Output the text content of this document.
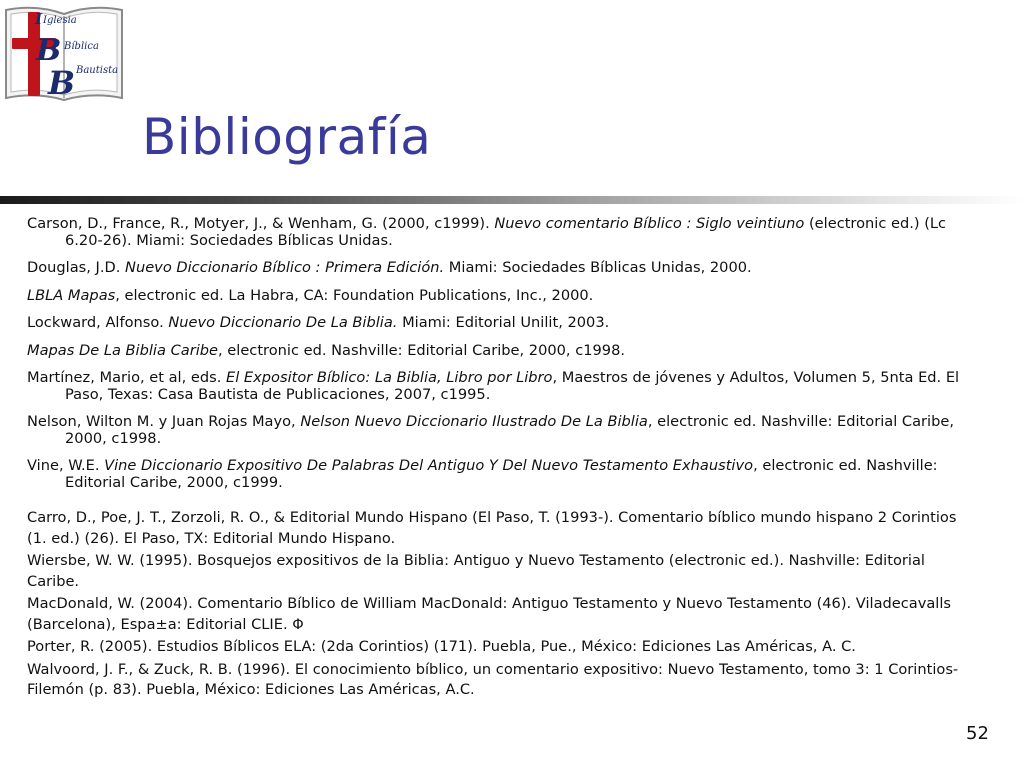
I
B
B
Iglesia
Bíblica
Bautista
Bibliografía

Carson, D., France, R., Motyer, J., & Wenham, G. (2000, c1999). Nuevo comentario Bíblico : Siglo veintiuno (electronic ed.) (Lc 6.20-26). Miami: Sociedades Bíblicas Unidas.

Douglas, J.D. Nuevo Diccionario Bíblico : Primera Edición. Miami: Sociedades Bíblicas Unidas, 2000.

LBLA Mapas, electronic ed. La Habra, CA: Foundation Publications, Inc., 2000.

Lockward, Alfonso. Nuevo Diccionario De La Biblia. Miami: Editorial Unilit, 2003.

Mapas De La Biblia Caribe, electronic ed. Nashville: Editorial Caribe, 2000, c1998.

Martínez, Mario, et al, eds. El Expositor Bíblico: La Biblia, Libro por Libro, Maestros de jóvenes y Adultos, Volumen 5, 5nta Ed. El Paso, Texas: Casa Bautista de Publicaciones, 2007, c1995.

Nelson, Wilton M. y Juan Rojas Mayo, Nelson Nuevo Diccionario Ilustrado De La Biblia, electronic ed. Nashville: Editorial Caribe, 2000, c1998.

Vine, W.E. Vine Diccionario Expositivo De Palabras Del Antiguo Y Del Nuevo Testamento Exhaustivo, electronic ed. Nashville: Editorial Caribe, 2000, c1999.

Carro, D., Poe, J. T., Zorzoli, R. O., & Editorial Mundo Hispano (El Paso, T. (1993-). Comentario bíblico mundo hispano 2 Corintios (1. ed.) (26). El Paso, TX: Editorial Mundo Hispano.

Wiersbe, W. W. (1995). Bosquejos expositivos de la Biblia: Antiguo y Nuevo Testamento (electronic ed.). Nashville: Editorial Caribe.

MacDonald, W. (2004). Comentario Bíblico de William MacDonald: Antiguo Testamento y Nuevo Testamento (46). Viladecavalls (Barcelona), Espa±a: Editorial CLIE. Φ

Porter, R. (2005). Estudios Bíblicos ELA: (2da Corintios) (171). Puebla, Pue., México: Ediciones Las Américas, A. C.

Walvoord, J. F., & Zuck, R. B. (1996). El conocimiento bíblico, un comentario expositivo: Nuevo Testamento, tomo 3: 1 Corintios-Filemón (p. 83). Puebla, México: Ediciones Las Américas, A.C.

52
